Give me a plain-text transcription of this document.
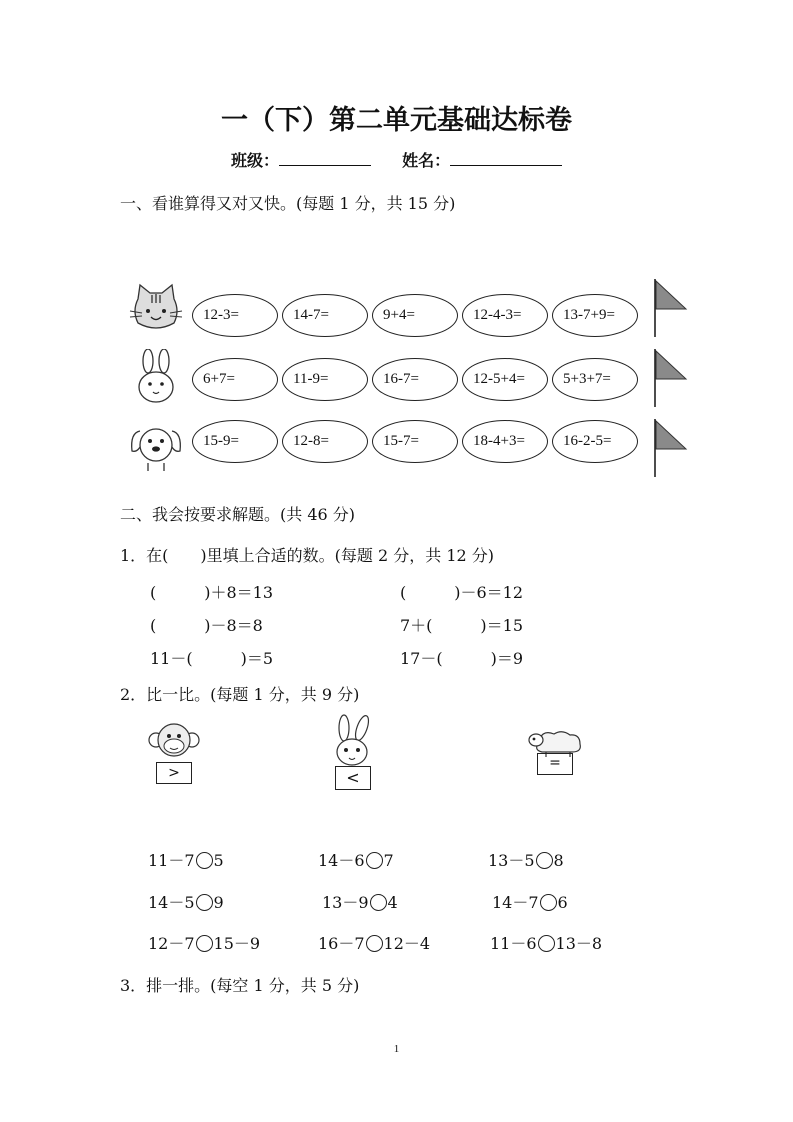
一（下）第二单元基础达标卷
班级：	姓名：
一、看谁算得又对又快。(每题 1 分，共 15 分)
12-3=	14-7=	9+4=	12-4-3=	13-7+9=
6+7=	11-9=	16-7=	12-5+4=	5+3+7=
15-9=	12-8=	15-7=	18-4+3=	16-2-5=
二、我会按要求解题。(共 46 分)
1．在(　　)里填上合适的数。(每题 2 分，共 12 分)
(　　　)＋8＝13	(　　　)－6＝12
(　　　)－8＝8	7＋(　　　)＝15
11－(　　　)＝5	17－(　　　)＝9
2．比一比。(每题 1 分，共 9 分)
>	<
=
11－7 5	14－6 7	13－5 8
14－5 9	13－9 4	14－7 6
12－7 15－9	16－7 12－4	11－6 13－8
3．排一排。(每空 1 分，共 5 分)
1
